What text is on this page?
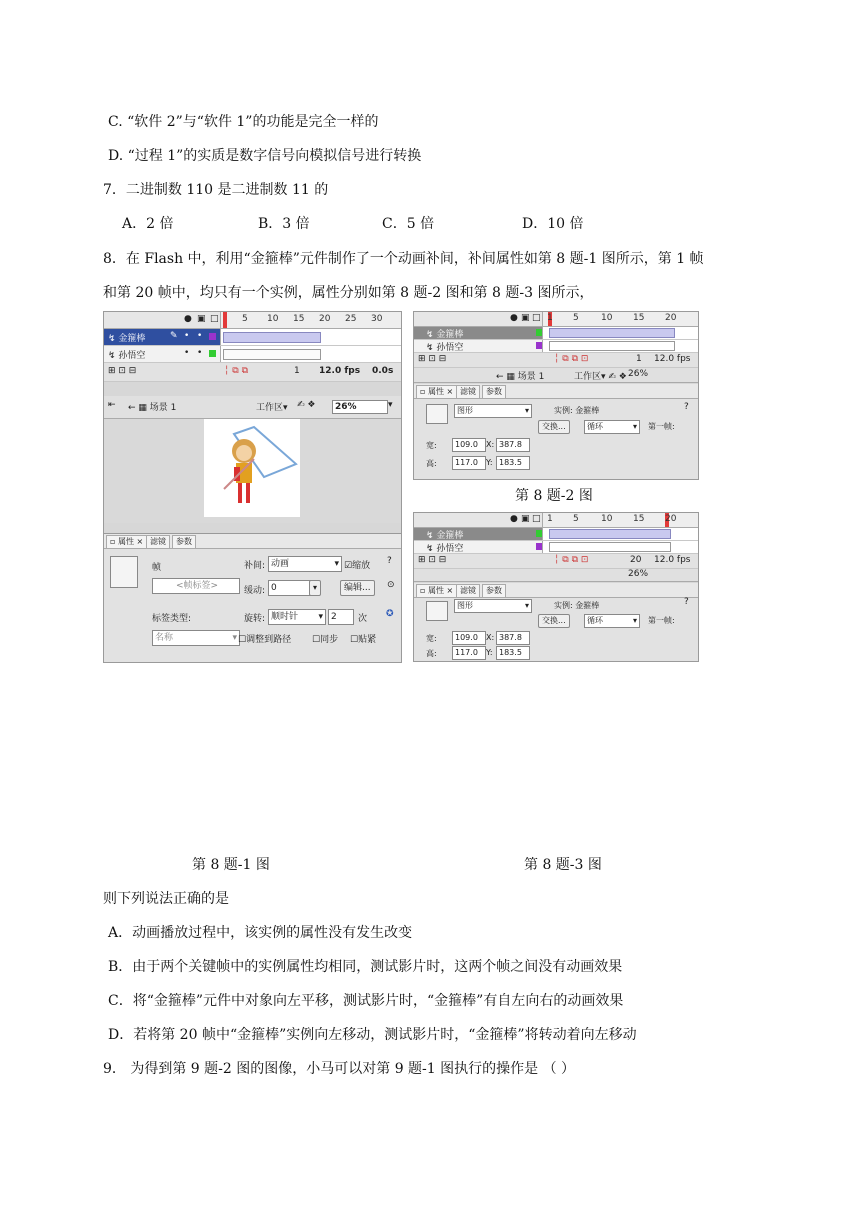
C. “软件 2”与“软件 1”的功能是完全一样的
D. “过程 1”的实质是数字信号向模拟信号进行转换
7．二进制数 110 是二进制数 11 的
A．2 倍	B．3 倍	C．5 倍	D．10 倍
8．在 Flash 中，利用“金箍棒”元件制作了一个动画补间，补间属性如第 8 题-1 图所示，第 1 帧
和第 20 帧中，均只有一个实例，属性分别如第 8 题-2 图和第 8 题-3 图所示，
● ▣ □	5 10 15 20 25 30
↯ 金箍棒	✎ • •
↯ 孙悟空	• •
⊞ ⊡ ⊟	╎ ⧉ ⧉	1 12.0 fps 0.0s
⇤ ← ▦ 场景 1	工作区▾ ✍ ❖	26%	▾
▫ 属性 × 滤镜	参数
帧
<帧标签>
补间: 动画	▾ ☑缩放
缓动: 0	▾	编辑...
?
⊙
标签类型:	旋转: 顺时针 ▾ 2	次 ✪
名称	▾ ☐调整到路径 ☐同步 ☐贴紧
● ▣ □ 1 5 10 15 20
↯ 金箍棒
↯ 孙悟空
⊞ ⊡ ⊟	╎ ⧉ ⧉ ⊡	1 12.0 fps
← ▦ 场景 1	工作区▾ ✍ ❖ 26%
▫ 属性 × 滤镜	参数
图形	▾	实例: 金箍棒	?
交换...	循环	▾ 第一帧:
宽:	109.0	X: 387.8
高:	117.0	Y: 183.5
第 8 题-2 图
● ▣ □ 1 5 10 15 20
↯ 金箍棒
↯ 孙悟空
⊞ ⊡ ⊟	╎ ⧉ ⧉ ⊡	20 12.0 fps
26%
▫ 属性 × 滤镜	参数
图形	▾	实例: 金箍棒	?
交换...	循环	▾ 第一帧:
宽:	109.0	X: 387.8
高:	117.0	Y: 183.5
第 8 题-1 图	第 8 题-3 图
则下列说法正确的是
A．动画播放过程中，该实例的属性没有发生改变
B．由于两个关键帧中的实例属性均相同，测试影片时，这两个帧之间没有动画效果
C．将“金箍棒”元件中对象向左平移，测试影片时，“金箍棒”有自左向右的动画效果
D．若将第 20 帧中“金箍棒”实例向左移动，测试影片时，“金箍棒”将转动着向左移动
9． 为得到第 9 题-2 图的图像，小马可以对第 9 题-1 图执行的操作是 （ ）
